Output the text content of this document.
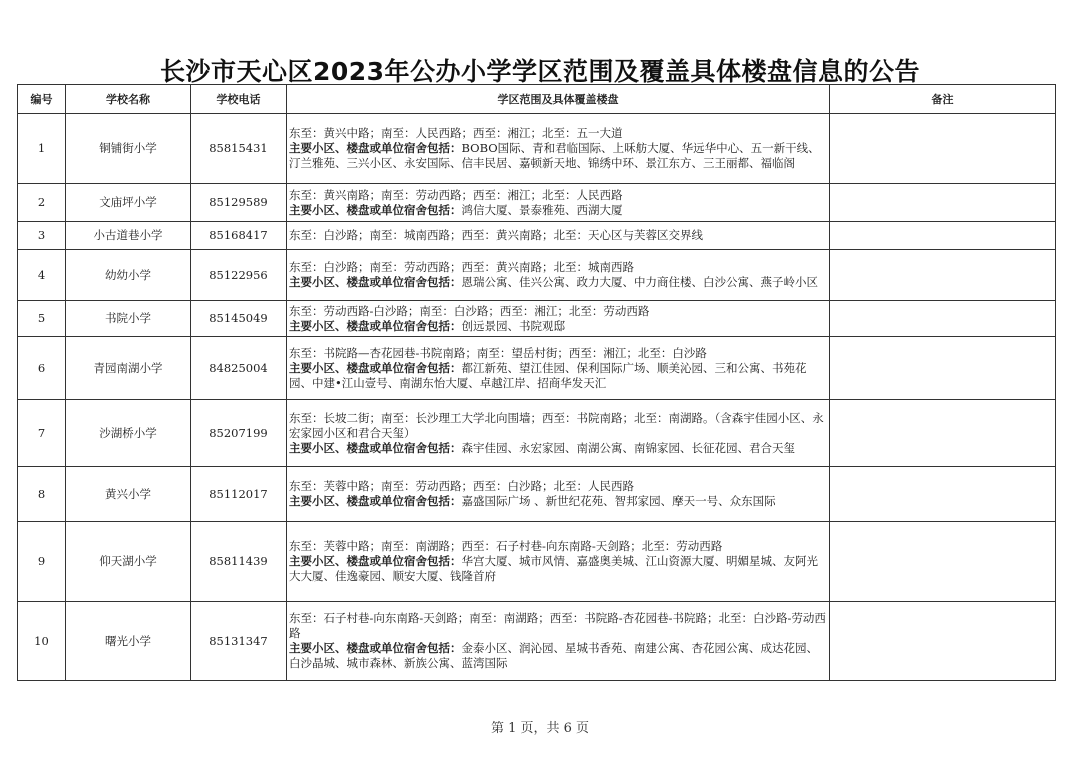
长沙市天心区2023年公办小学学区范围及覆盖具体楼盘信息的公告
编号	学校名称	学校电话	学区范围及具体覆盖楼盘	备注
1	铜铺街小学	85815431	东至：黄兴中路；南至：人民西路；西至：湘江；北至：五一大道
主要小区、楼盘或单位宿舍包括：BOBO国际、青和君临国际、上咊舫大厦、华远华中心、五一新干线、汀兰雅苑、三兴小区、永安国际、信丰民居、嘉顿新天地、锦绣中环、景江东方、三王丽都、福临阁	
2	文庙坪小学	85129589	东至：黄兴南路；南至：劳动西路；西至：湘江；北至：人民西路
主要小区、楼盘或单位宿舍包括：鸿信大厦、景泰雅苑、西湖大厦	
3	小古道巷小学	85168417	东至：白沙路；南至：城南西路；西至：黄兴南路；北至：天心区与芙蓉区交界线	
4	幼幼小学	85122956	东至：白沙路；南至：劳动西路；西至：黄兴南路；北至：城南西路
主要小区、楼盘或单位宿舍包括：恩瑞公寓、佳兴公寓、政力大厦、中力商住楼、白沙公寓、燕子岭小区	
5	书院小学	85145049	东至：劳动西路-白沙路；南至：白沙路；西至：湘江；北至：劳动西路
主要小区、楼盘或单位宿舍包括：创远景园、书院观邸	
6	青园南湖小学	84825004	东至：书院路—杏花园巷-书院南路；南至：望岳村街；西至：湘江；北至：白沙路
主要小区、楼盘或单位宿舍包括：都江新苑、望江佳园、保利国际广场、顺美沁园、三和公寓、书苑花园、中建•江山壹号、南湖东怡大厦、卓越江岸、招商华发天汇	
7	沙湖桥小学	85207199	东至：长坡二街；南至：长沙理工大学北向围墙；西至：书院南路；北至：南湖路。（含森宇佳园小区、永宏家园小区和君合天玺）
主要小区、楼盘或单位宿舍包括：森宇佳园、永宏家园、南湖公寓、南锦家园、长征花园、君合天玺	
8	黄兴小学	85112017	东至：芙蓉中路；南至：劳动西路；西至：白沙路；北至：人民西路
主要小区、楼盘或单位宿舍包括：嘉盛国际广场 、新世纪花苑、智邦家园、摩天一号、众东国际	
9	仰天湖小学	85811439	东至：芙蓉中路；南至：南湖路；西至：石子村巷-向东南路-天剑路；北至：劳动西路
主要小区、楼盘或单位宿舍包括：华宫大厦、城市风情、嘉盛奥美城、江山资源大厦、明媚星城、友阿光大大厦、佳逸豪园、顺安大厦、钱隆首府	
10	曙光小学	85131347	东至：石子村巷-向东南路-天剑路；南至：南湖路；西至：书院路-杏花园巷-书院路；北至：白沙路-劳动西路
主要小区、楼盘或单位宿舍包括：金泰小区、润沁园、星城书香苑、南建公寓、杏花园公寓、成达花园、白沙晶城、城市森林、新族公寓、蓝湾国际	
第 1 页，共 6 页
